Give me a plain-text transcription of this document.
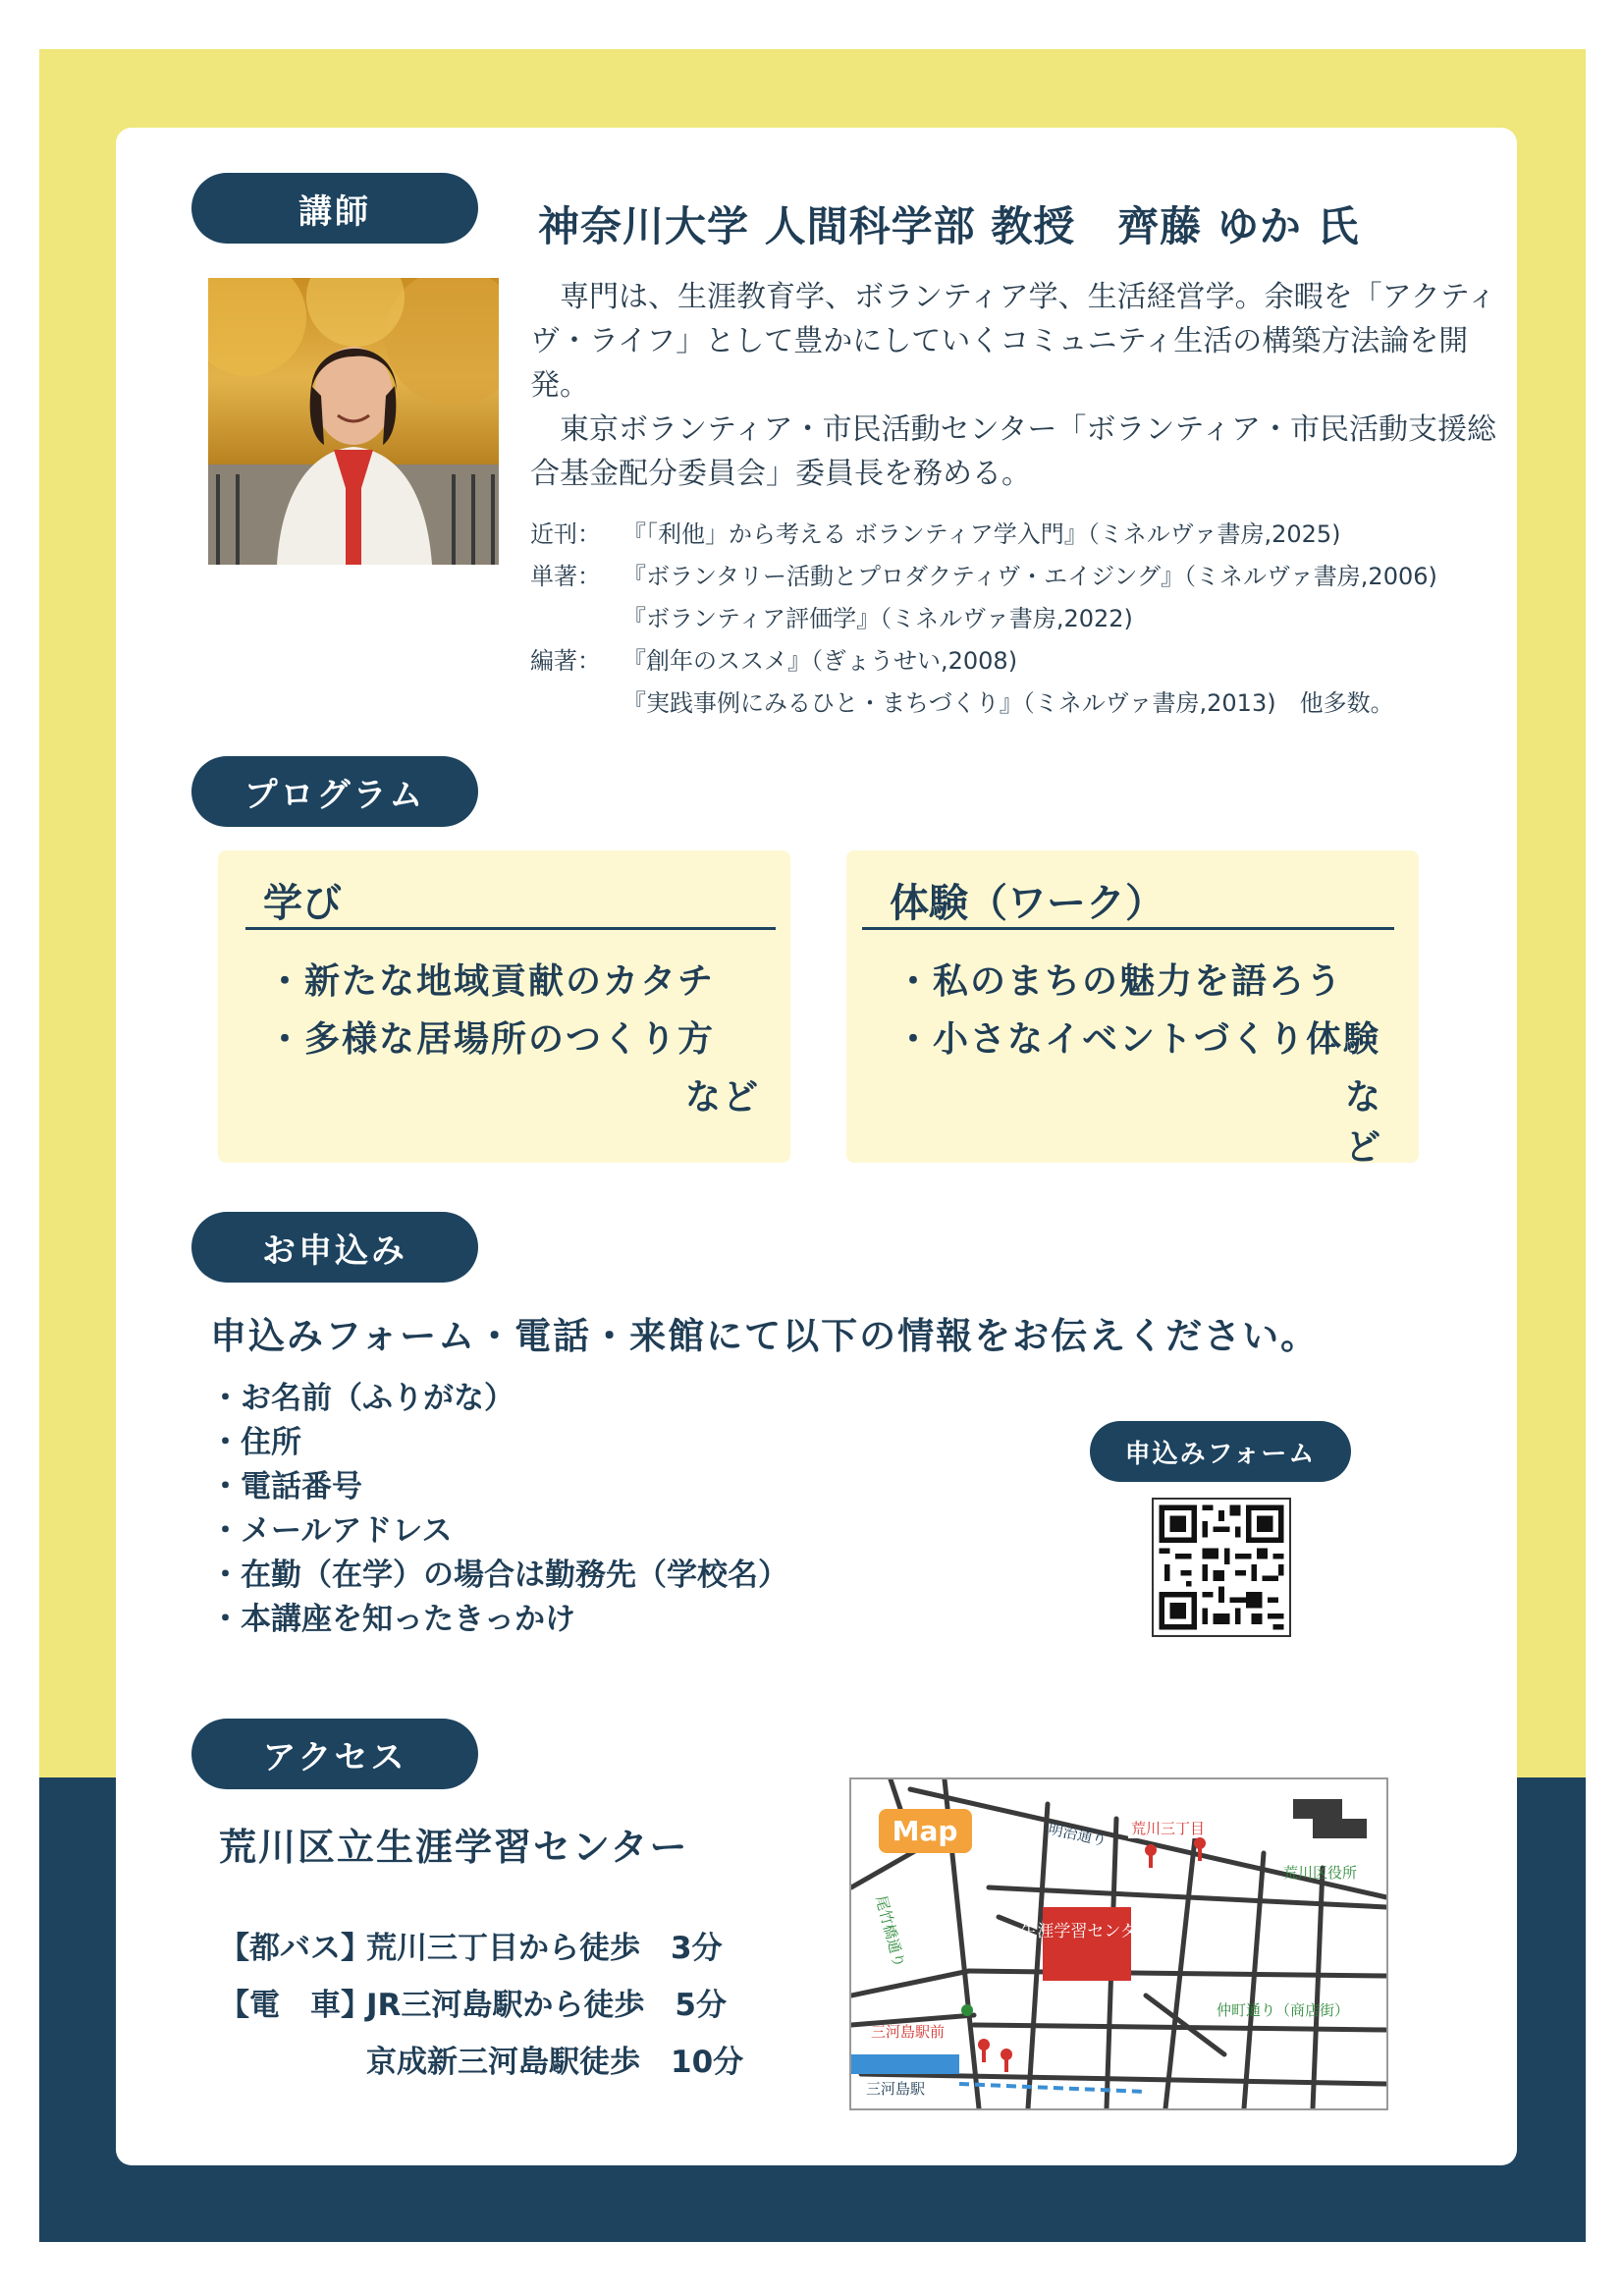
講師	神奈川大学 人間科学部 教授　齊藤 ゆか 氏

　専門は、生涯教育学、ボランティア学、生活経営学。余暇を「アクティヴ・ライフ」として豊かにしていくコミュニティ生活の構築方法論を開発。

　東京ボランティア・市民活動センター「ボランティア・市民活動支援総合基金配分委員会」委員長を務める。

近刊： 『「利他」から考える ボランティア学入門』（ミネルヴァ書房,2025)
単著： 『ボランタリー活動とプロダクティヴ・エイジング』（ミネルヴァ書房,2006)
『ボランティア評価学』（ミネルヴァ書房,2022)
編著： 『創年のススメ』（ぎょうせい,2008)
『実践事例にみるひと・まちづくり』（ミネルヴァ書房,2013)　他多数。
プログラム
学び
・新たな地域貢献のカタチ
・多様な居場所のつくり方
など
体験（ワーク）
・私のまちの魅力を語ろう
・小さなイベントづくり体験
など
お申込み
申込みフォーム・電話・来館にて以下の情報をお伝えください。
・お名前（ふりがな）
・住所
・電話番号
・メールアドレス
・在勤（在学）の場合は勤務先（学校名）
・本講座を知ったきっかけ
申込みフォーム
アクセス
荒川区立生涯学習センター
【都バス】荒川三丁目から徒歩　3分
【電　車】JR三河島駅から徒歩　5分
京成新三河島駅徒歩　10分
生涯学習センター
Map	明治通り 荒川三丁目
荒川区役所
尾竹橋通り
仲町通り（商店街）
三河島駅前
三河島駅
